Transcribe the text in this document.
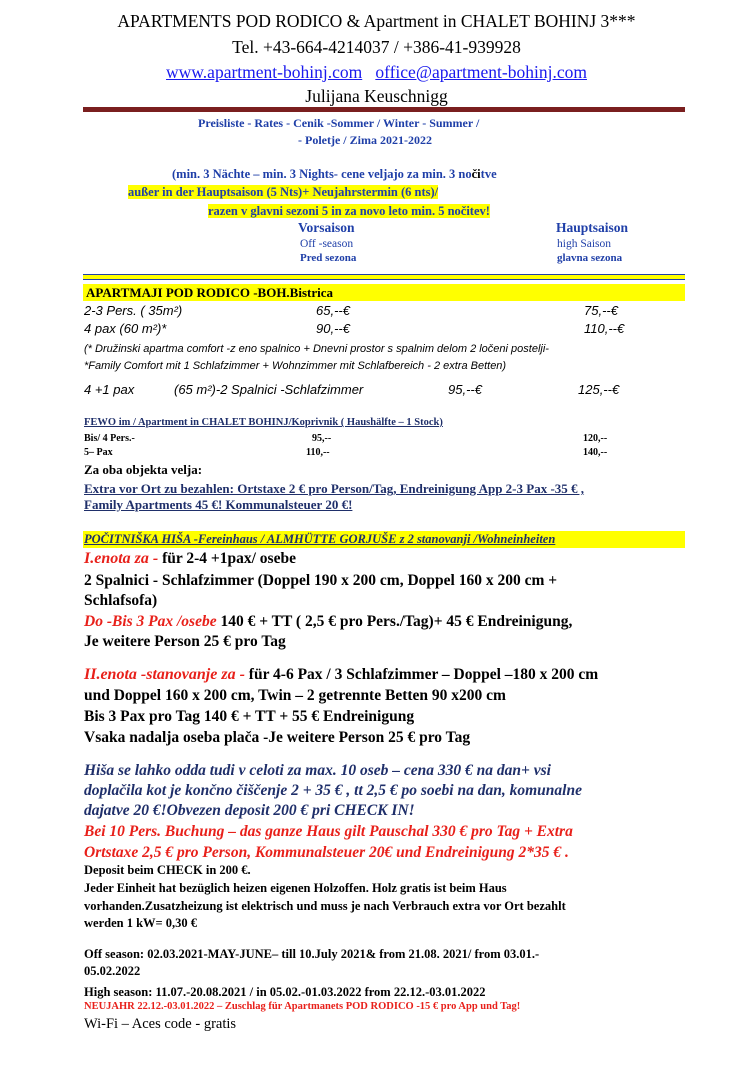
APARTMENTS POD RODICO & Apartment in CHALET BOHINJ 3***
Tel. +43-664-4214037 / +386-41-939928
www.apartment-bohinj.com office@apartment-bohinj.com
Julijana Keuschnigg
Preisliste - Rates - Cenik -Sommer / Winter - Summer /
- Poletje / Zima 2021-2022
(min. 3 Nächte – min. 3 Nights- cene veljajo za min. 3 nočitve
außer in der Hauptsaison (5 Nts)+ Neujahrstermin (6 nts)/
razen v glavni sezoni 5 in za novo leto min. 5 nočitev!
Vorsaison
Off -season
Pred sezona
Hauptsaison
high Saison
glavna sezona
APARTMAJI POD RODICO -BOH.Bistrica
2-3 Pers. ( 35m²)	65,--€	75,--€
4 pax (60 m²)*	90,--€	110,--€
(* Družinski apartma comfort -z eno spalnico + Dnevni prostor s spalnim delom 2 ločeni postelji-
*Family Comfort mit 1 Schlafzimmer + Wohnzimmer mit Schlafbereich - 2 extra Betten)
4 +1 pax	(65 m²)-2 Spalnici -Schlafzimmer	95,--€	125,--€
FEWO im / Apartment in CHALET BOHINJ/Koprivnik ( Haushälfte – 1 Stock)
Bis/ 4 Pers.-	95,--	120,--
5– Pax	110,--	140,--
Za oba objekta velja:
Extra vor Ort zu bezahlen: Ortstaxe 2 € pro Person/Tag, Endreinigung App 2-3 Pax -35 € ,
Family Apartments 45 €! Kommunalsteuer 20 €!
POČITNIŠKA HIŠA -Fereinhaus / ALMHÜTTE GORJUŠE z 2 stanovanji /Wohneinheiten
I.enota za - für 2-4 +1pax/ osebe
2 Spalnici - Schlafzimmer (Doppel 190 x 200 cm, Doppel 160 x 200 cm +
Schlafsofa)
Do -Bis 3 Pax /osebe 140 € + TT ( 2,5 € pro Pers./Tag)+ 45 € Endreinigung,
Je weitere Person 25 € pro Tag
II.enota -stanovanje za - für 4-6 Pax / 3 Schlafzimmer – Doppel –180 x 200 cm
und Doppel 160 x 200 cm, Twin – 2 getrennte Betten 90 x200 cm
Bis 3 Pax pro Tag 140 € + TT + 55 € Endreinigung
Vsaka nadalja oseba plača -Je weitere Person 25 € pro Tag
Hiša se lahko odda tudi v celoti za max. 10 oseb – cena 330 € na dan+ vsi
doplačila kot je končno čiščenje 2 + 35 € , tt 2,5 € po soebi na dan, komunalne
dajatve 20 €!Obvezen deposit 200 € pri CHECK IN!
Bei 10 Pers. Buchung – das ganze Haus gilt Pauschal 330 € pro Tag + Extra
Ortstaxe 2,5 € pro Person, Kommunalsteuer 20€ und Endreinigung 2*35 € .
Deposit beim CHECK in 200 €.
Jeder Einheit hat bezüglich heizen eigenen Holzoffen. Holz gratis ist beim Haus
vorhanden.Zusatzheizung ist elektrisch und muss je nach Verbrauch extra vor Ort bezahlt
werden 1 kW= 0,30 €
Off season: 02.03.2021-MAY-JUNE– till 10.July 2021& from 21.08. 2021/ from 03.01.-
05.02.2022
High season: 11.07.-20.08.2021 / in 05.02.-01.03.2022 from 22.12.-03.01.2022
NEUJAHR 22.12.-03.01.2022 – Zuschlag für Apartmanets POD RODICO -15 € pro App und Tag!
Wi-Fi – Aces code - gratis
